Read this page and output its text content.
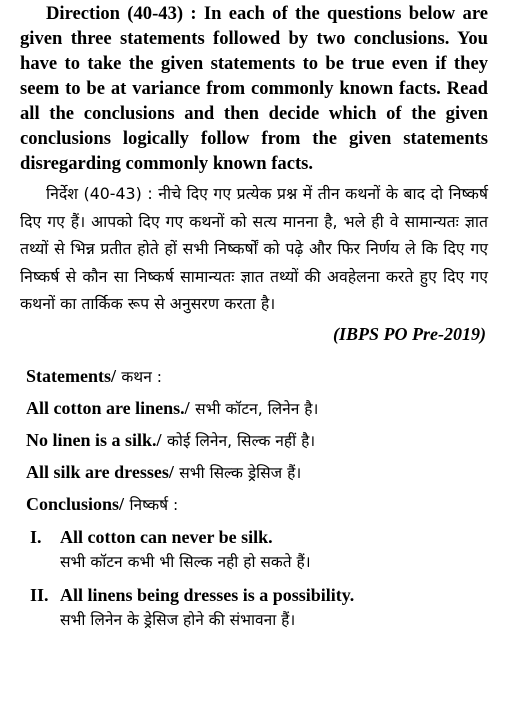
Direction (40-43) : In each of the questions below are given three statements followed by two conclusions. You have to take the given statements to be true even if they seem to be at variance from commonly known facts. Read all the conclusions and then decide which of the given conclusions logically follow from the given statements disregarding commonly known facts.

निर्देश (40-43) : नीचे दिए गए प्रत्येक प्रश्न में तीन कथनों के बाद दो निष्कर्ष दिए गए हैं। आपको दिए गए कथनों को सत्य मानना है, भले ही वे सामान्यतः ज्ञात तथ्यों से भिन्न प्रतीत होते हों सभी निष्कर्षों को पढ़े और फिर निर्णय ले कि दिए गए निष्कर्ष से कौन सा निष्कर्ष सामान्यतः ज्ञात तथ्यों की अवहेलना करते हुए दिए गए कथनों का तार्किक रूप से अनुसरण करता है।

(IBPS PO Pre-2019)
Statements/ कथन :
All cotton are linens./ सभी कॉटन, लिनेन है।
No linen is a silk./ कोई लिनेन, सिल्क नहीं है।
All silk are dresses/ सभी सिल्क ड्रेसिज हैं।
Conclusions/ निष्कर्ष :
I.	All cotton can never be silk.
सभी कॉटन कभी भी सिल्क नही हो सकते हैं।
II. All linens being dresses is a possibility.
सभी लिनेन के ड्रेसिज होने की संभावना हैं।
